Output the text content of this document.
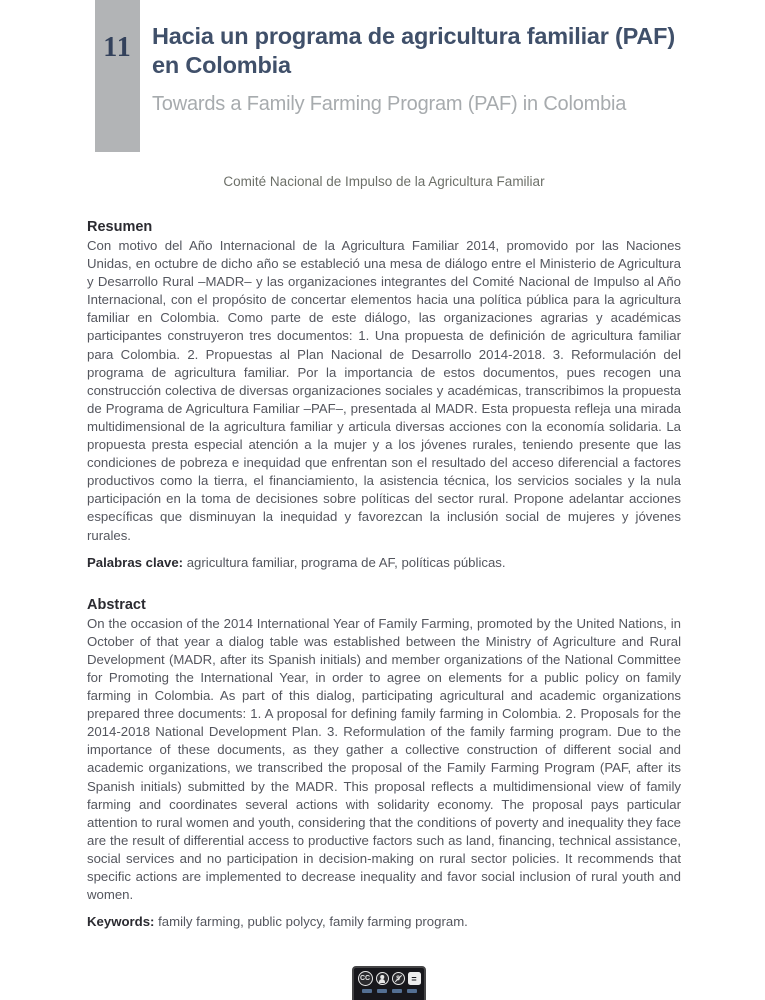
11 Hacia un programa de agricultura familiar (PAF) en Colombia
Towards a Family Farming Program (PAF) in Colombia
Comité Nacional de Impulso de la Agricultura Familiar
Resumen

Con motivo del Año Internacional de la Agricultura Familiar 2014, promovido por las Naciones Unidas, en octubre de dicho año se estableció una mesa de diálogo entre el Ministerio de Agricultura y Desarrollo Rural –MADR– y las organizaciones integrantes del Comité Nacional de Impulso al Año Internacional, con el propósito de concertar elementos hacia una política pública para la agricultura familiar en Colombia. Como parte de este diálogo, las organizaciones agrarias y académicas participantes construyeron tres documentos: 1. Una propuesta de definición de agricultura familiar para Colombia. 2. Propuestas al Plan Nacional de Desarrollo 2014-2018. 3. Reformulación del programa de agricultura familiar. Por la importancia de estos documentos, pues recogen una construcción colectiva de diversas organizaciones sociales y académicas, transcribimos la propuesta de Programa de Agricultura Familiar –PAF–, presentada al MADR. Esta propuesta refleja una mirada multidimensional de la agricultura familiar y articula diversas acciones con la economía solidaria. La propuesta presta especial atención a la mujer y a los jóvenes rurales, teniendo presente que las condiciones de pobreza e inequidad que enfrentan son el resultado del acceso diferencial a factores productivos como la tierra, el financiamiento, la asistencia técnica, los servicios sociales y la nula participación en la toma de decisiones sobre políticas del sector rural. Propone adelantar acciones específicas que disminuyan la inequidad y favorezcan la inclusión social de mujeres y jóvenes rurales.

Palabras clave: agricultura familiar, programa de AF, políticas públicas.

Abstract

On the occasion of the 2014 International Year of Family Farming, promoted by the United Nations, in October of that year a dialog table was established between the Ministry of Agriculture and Rural Development (MADR, after its Spanish initials) and member organizations of the National Committee for Promoting the International Year, in order to agree on elements for a public policy on family farming in Colombia. As part of this dialog, participating agricultural and academic organizations prepared three documents: 1. A proposal for defining family farming in Colombia. 2. Proposals for the 2014-2018 National Development Plan. 3. Reformulation of the family farming program. Due to the importance of these documents, as they gather a collective construction of different social and academic organizations, we transcribed the proposal of the Family Farming Program (PAF, after its Spanish initials) submitted by the MADR. This proposal reflects a multidimensional view of family farming and coordinates several actions with solidarity economy. The proposal pays particular attention to rural women and youth, considering that the conditions of poverty and inequality they face are the result of differential access to productive factors such as land, financing, technical assistance, social services and no participation in decision-making on rural sector policies. It recommends that specific actions are implemented to decrease inequality and favor social inclusion of rural youth and women.

Keywords: family farming, public polycy, family farming program.

CC	=
